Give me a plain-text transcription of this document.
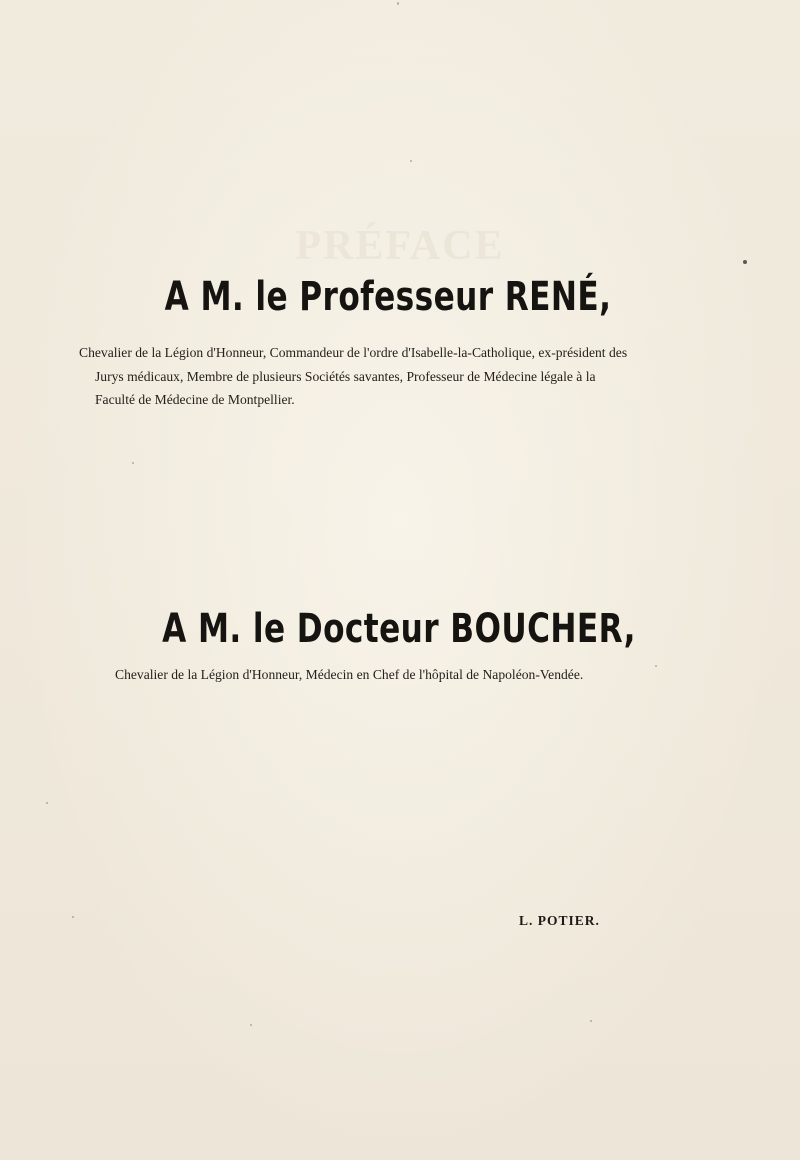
PRÉFACE
A M. le Professeur RENÉ,
Chevalier de la Légion d'Honneur, Commandeur de l'ordre d'Isabelle-la-Catholique, ex-président des
Jurys médicaux, Membre de plusieurs Sociétés savantes, Professeur de Médecine légale à la
Faculté de Médecine de Montpellier.
A M. le Docteur BOUCHER,
Chevalier de la Légion d'Honneur, Médecin en Chef de l'hôpital de Napoléon-Vendée.
L. POTIER.
